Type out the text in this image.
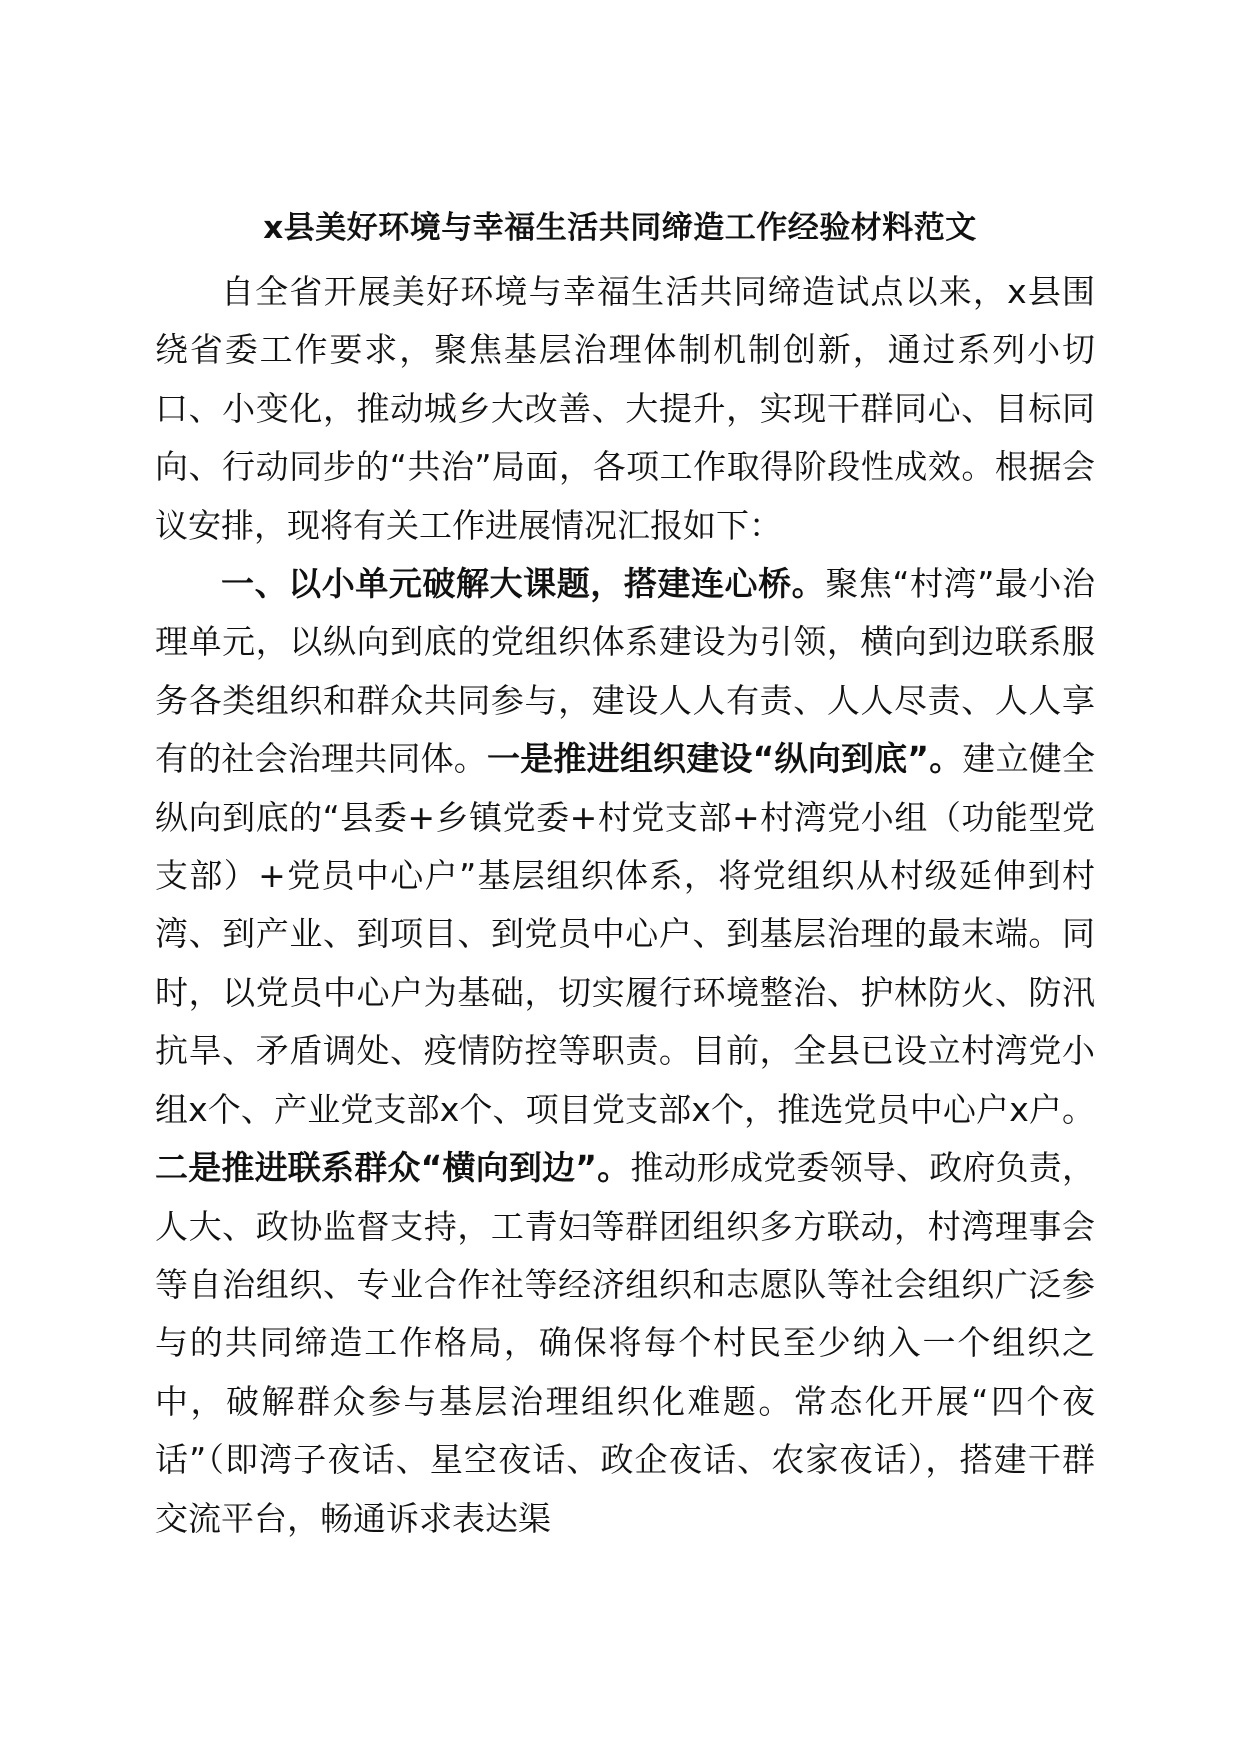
x县美好环境与幸福生活共同缔造工作经验材料范文

自全省开展美好环境与幸福生活共同缔造试点以来，x县围绕省委工作要求，聚焦基层治理体制机制创新，通过系列小切口、小变化，推动城乡大改善、大提升，实现干群同心、目标同向、行动同步的“共治”局面，各项工作取得阶段性成效。根据会议安排，现将有关工作进展情况汇报如下：

一、以小单元破解大课题，搭建连心桥。聚焦“村湾”最小治理单元，以纵向到底的党组织体系建设为引领，横向到边联系服务各类组织和群众共同参与，建设人人有责、人人尽责、人人享有的社会治理共同体。一是推进组织建设“纵向到底”。建立健全纵向到底的“县委+乡镇党委+村党支部+村湾党小组（功能型党支部）+党员中心户”基层组织体系，将党组织从村级延伸到村湾、到产业、到项目、到党员中心户、到基层治理的最末端。同时，以党员中心户为基础，切实履行环境整治、护林防火、防汛抗旱、矛盾调处、疫情防控等职责。目前，全县已设立村湾党小组x个、产业党支部x个、项目党支部x个，推选党员中心户x户。二是推进联系群众“横向到边”。推动形成党委领导、政府负责，人大、政协监督支持，工青妇等群团组织多方联动，村湾理事会等自治组织、专业合作社等经济组织和志愿队等社会组织广泛参与的共同缔造工作格局，确保将每个村民至少纳入一个组织之中，破解群众参与基层治理组织化难题。常态化开展“四个夜话”（即湾子夜话、星空夜话、政企夜话、农家夜话），搭建干群交流平台，畅通诉求表达渠
